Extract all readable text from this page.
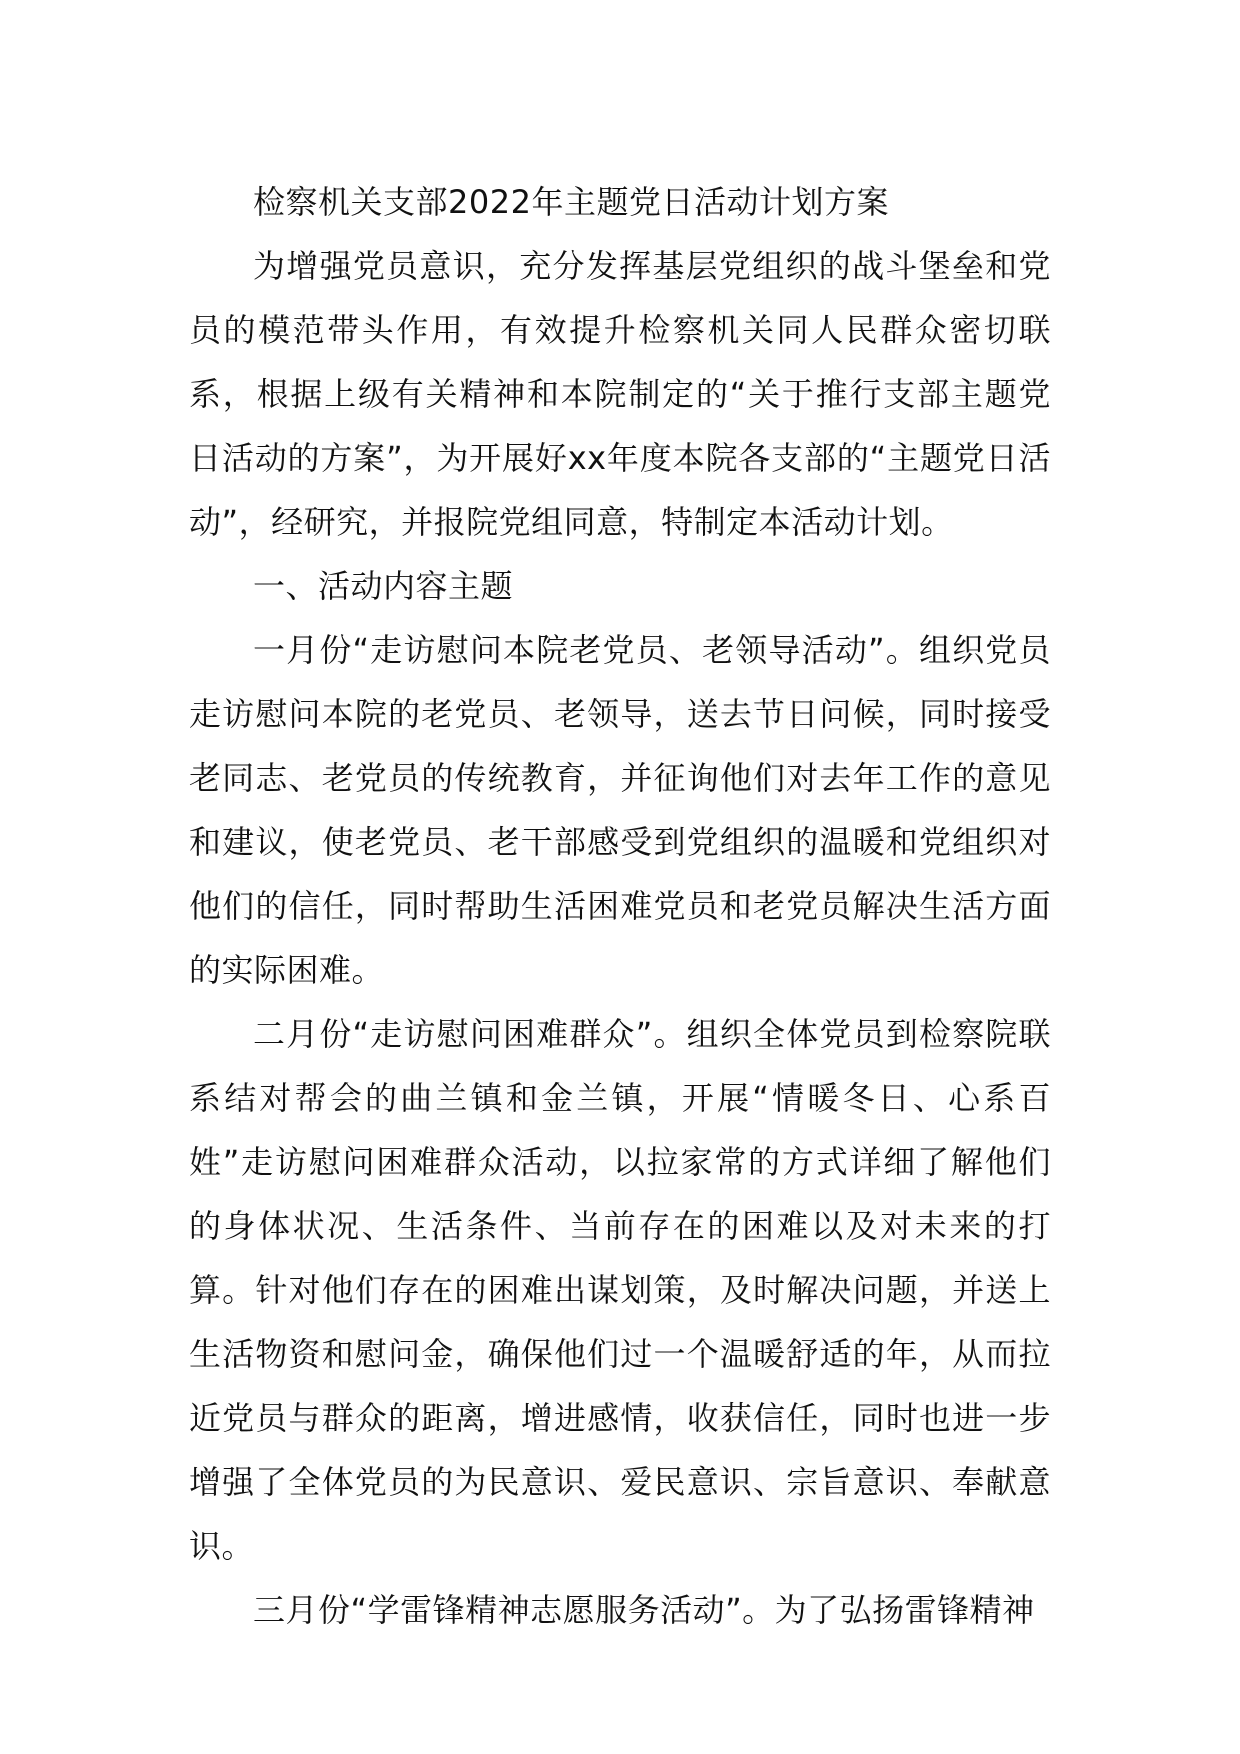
检察机关支部2022年主题党日活动计划方案

为增强党员意识，充分发挥基层党组织的战斗堡垒和党员的模范带头作用，有效提升检察机关同人民群众密切联系，根据上级有关精神和本院制定的“关于推行支部主题党日活动的方案”，为开展好xx年度本院各支部的“主题党日活动”，经研究，并报院党组同意，特制定本活动计划。

一、活动内容主题

一月份“走访慰问本院老党员、老领导活动”。组织党员走访慰问本院的老党员、老领导，送去节日问候，同时接受老同志、老党员的传统教育，并征询他们对去年工作的意见和建议，使老党员、老干部感受到党组织的温暖和党组织对他们的信任，同时帮助生活困难党员和老党员解决生活方面的实际困难。

二月份“走访慰问困难群众”。组织全体党员到检察院联系结对帮会的曲兰镇和金兰镇，开展“情暖冬日、心系百姓”走访慰问困难群众活动，以拉家常的方式详细了解他们的身体状况、生活条件、当前存在的困难以及对未来的打算。针对他们存在的困难出谋划策，及时解决问题，并送上生活物资和慰问金，确保他们过一个温暖舒适的年，从而拉近党员与群众的距离，增进感情，收获信任，同时也进一步增强了全体党员的为民意识、爱民意识、宗旨意识、奉献意识。

三月份“学雷锋精神志愿服务活动”。为了弘扬雷锋精神
